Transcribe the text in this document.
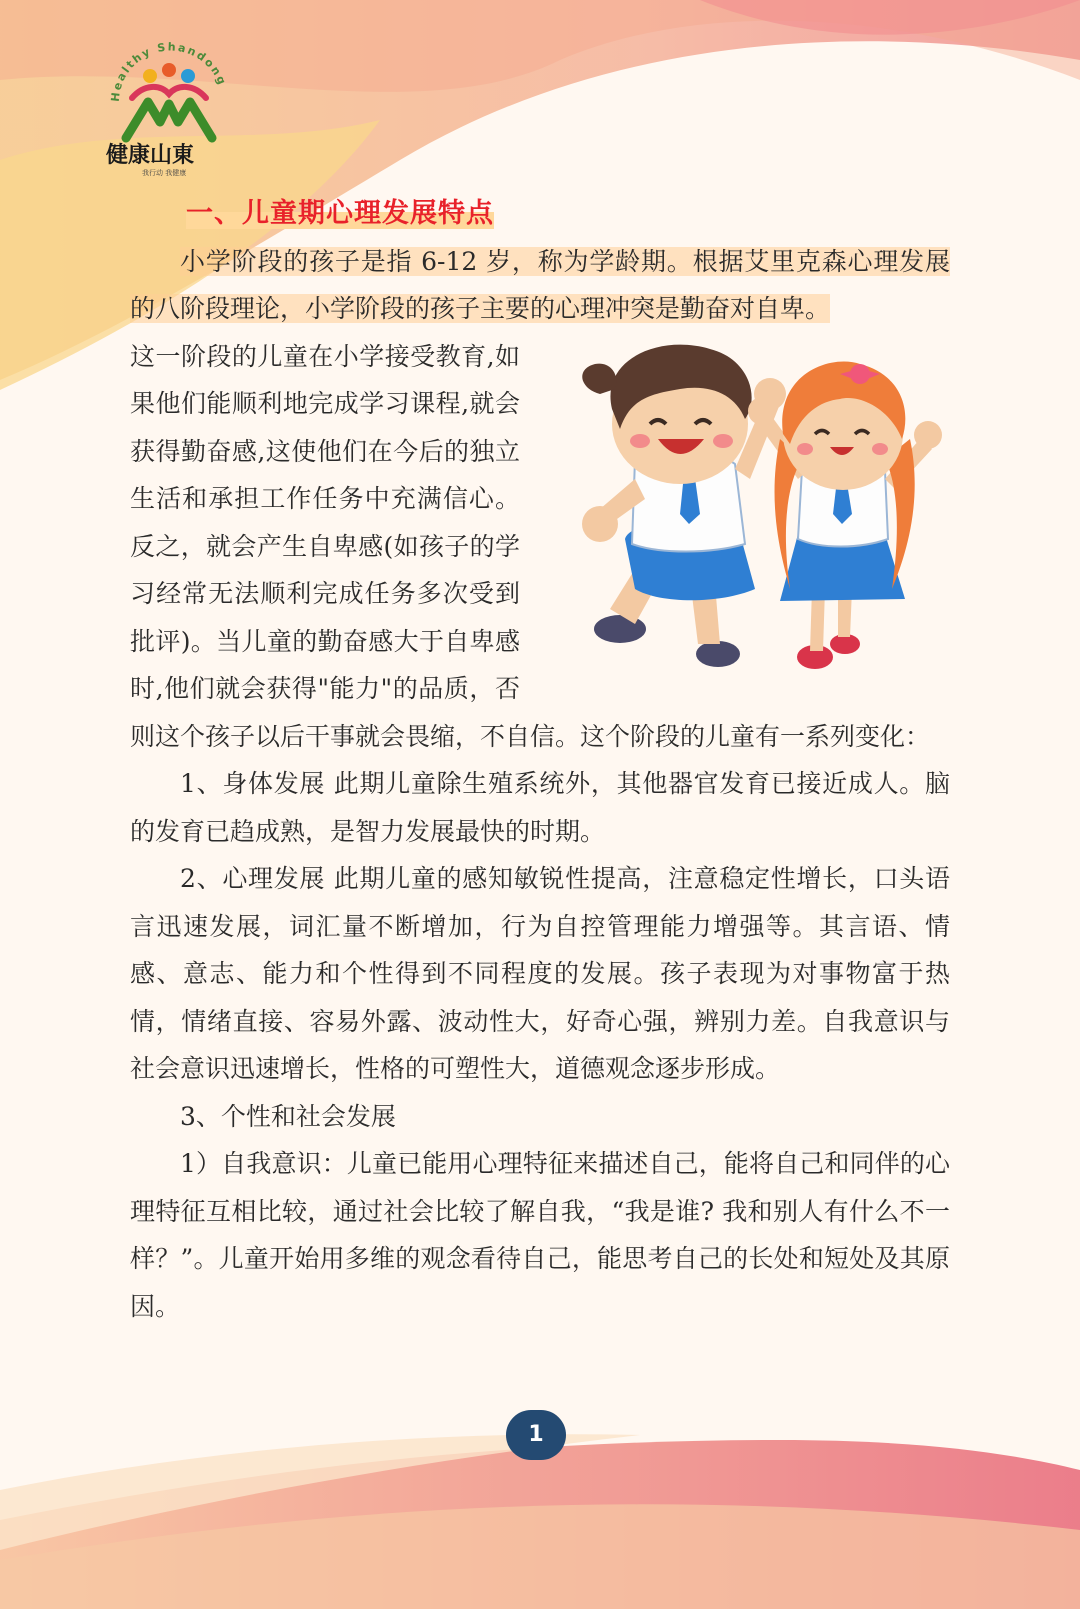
Healthy Shandong
健康山東
我行动 我健康
一、儿童期心理发展特点

小学阶段的孩子是指 6-12 岁，称为学龄期。根据艾里克森心理发展的八阶段理论，小学阶段的孩子主要的心理冲突是勤奋对自卑。

这一阶段的儿童在小学接受教育,如果他们能顺利地完成学习课程,就会获得勤奋感,这使他们在今后的独立生活和承担工作任务中充满信心。反之，就会产生自卑感(如孩子的学习经常无法顺利完成任务多次受到批评)。当儿童的勤奋感大于自卑感时,他们就会获得"能力"的品质，否则这个孩子以后干事就会畏缩，不自信。这个阶段的儿童有一系列变化：

1、身体发展 此期儿童除生殖系统外，其他器官发育已接近成人。脑的发育已趋成熟，是智力发展最快的时期。

2、心理发展 此期儿童的感知敏锐性提高，注意稳定性增长，口头语言迅速发展，词汇量不断增加，行为自控管理能力增强等。其言语、情感、意志、能力和个性得到不同程度的发展。孩子表现为对事物富于热情，情绪直接、容易外露、波动性大，好奇心强，辨别力差。自我意识与社会意识迅速增长，性格的可塑性大，道德观念逐步形成。

3、个性和社会发展

1）自我意识：儿童已能用心理特征来描述自己，能将自己和同伴的心理特征互相比较，通过社会比较了解自我，“我是谁? 我和别人有什么不一样？”。儿童开始用多维的观念看待自己，能思考自己的长处和短处及其原因。

1
